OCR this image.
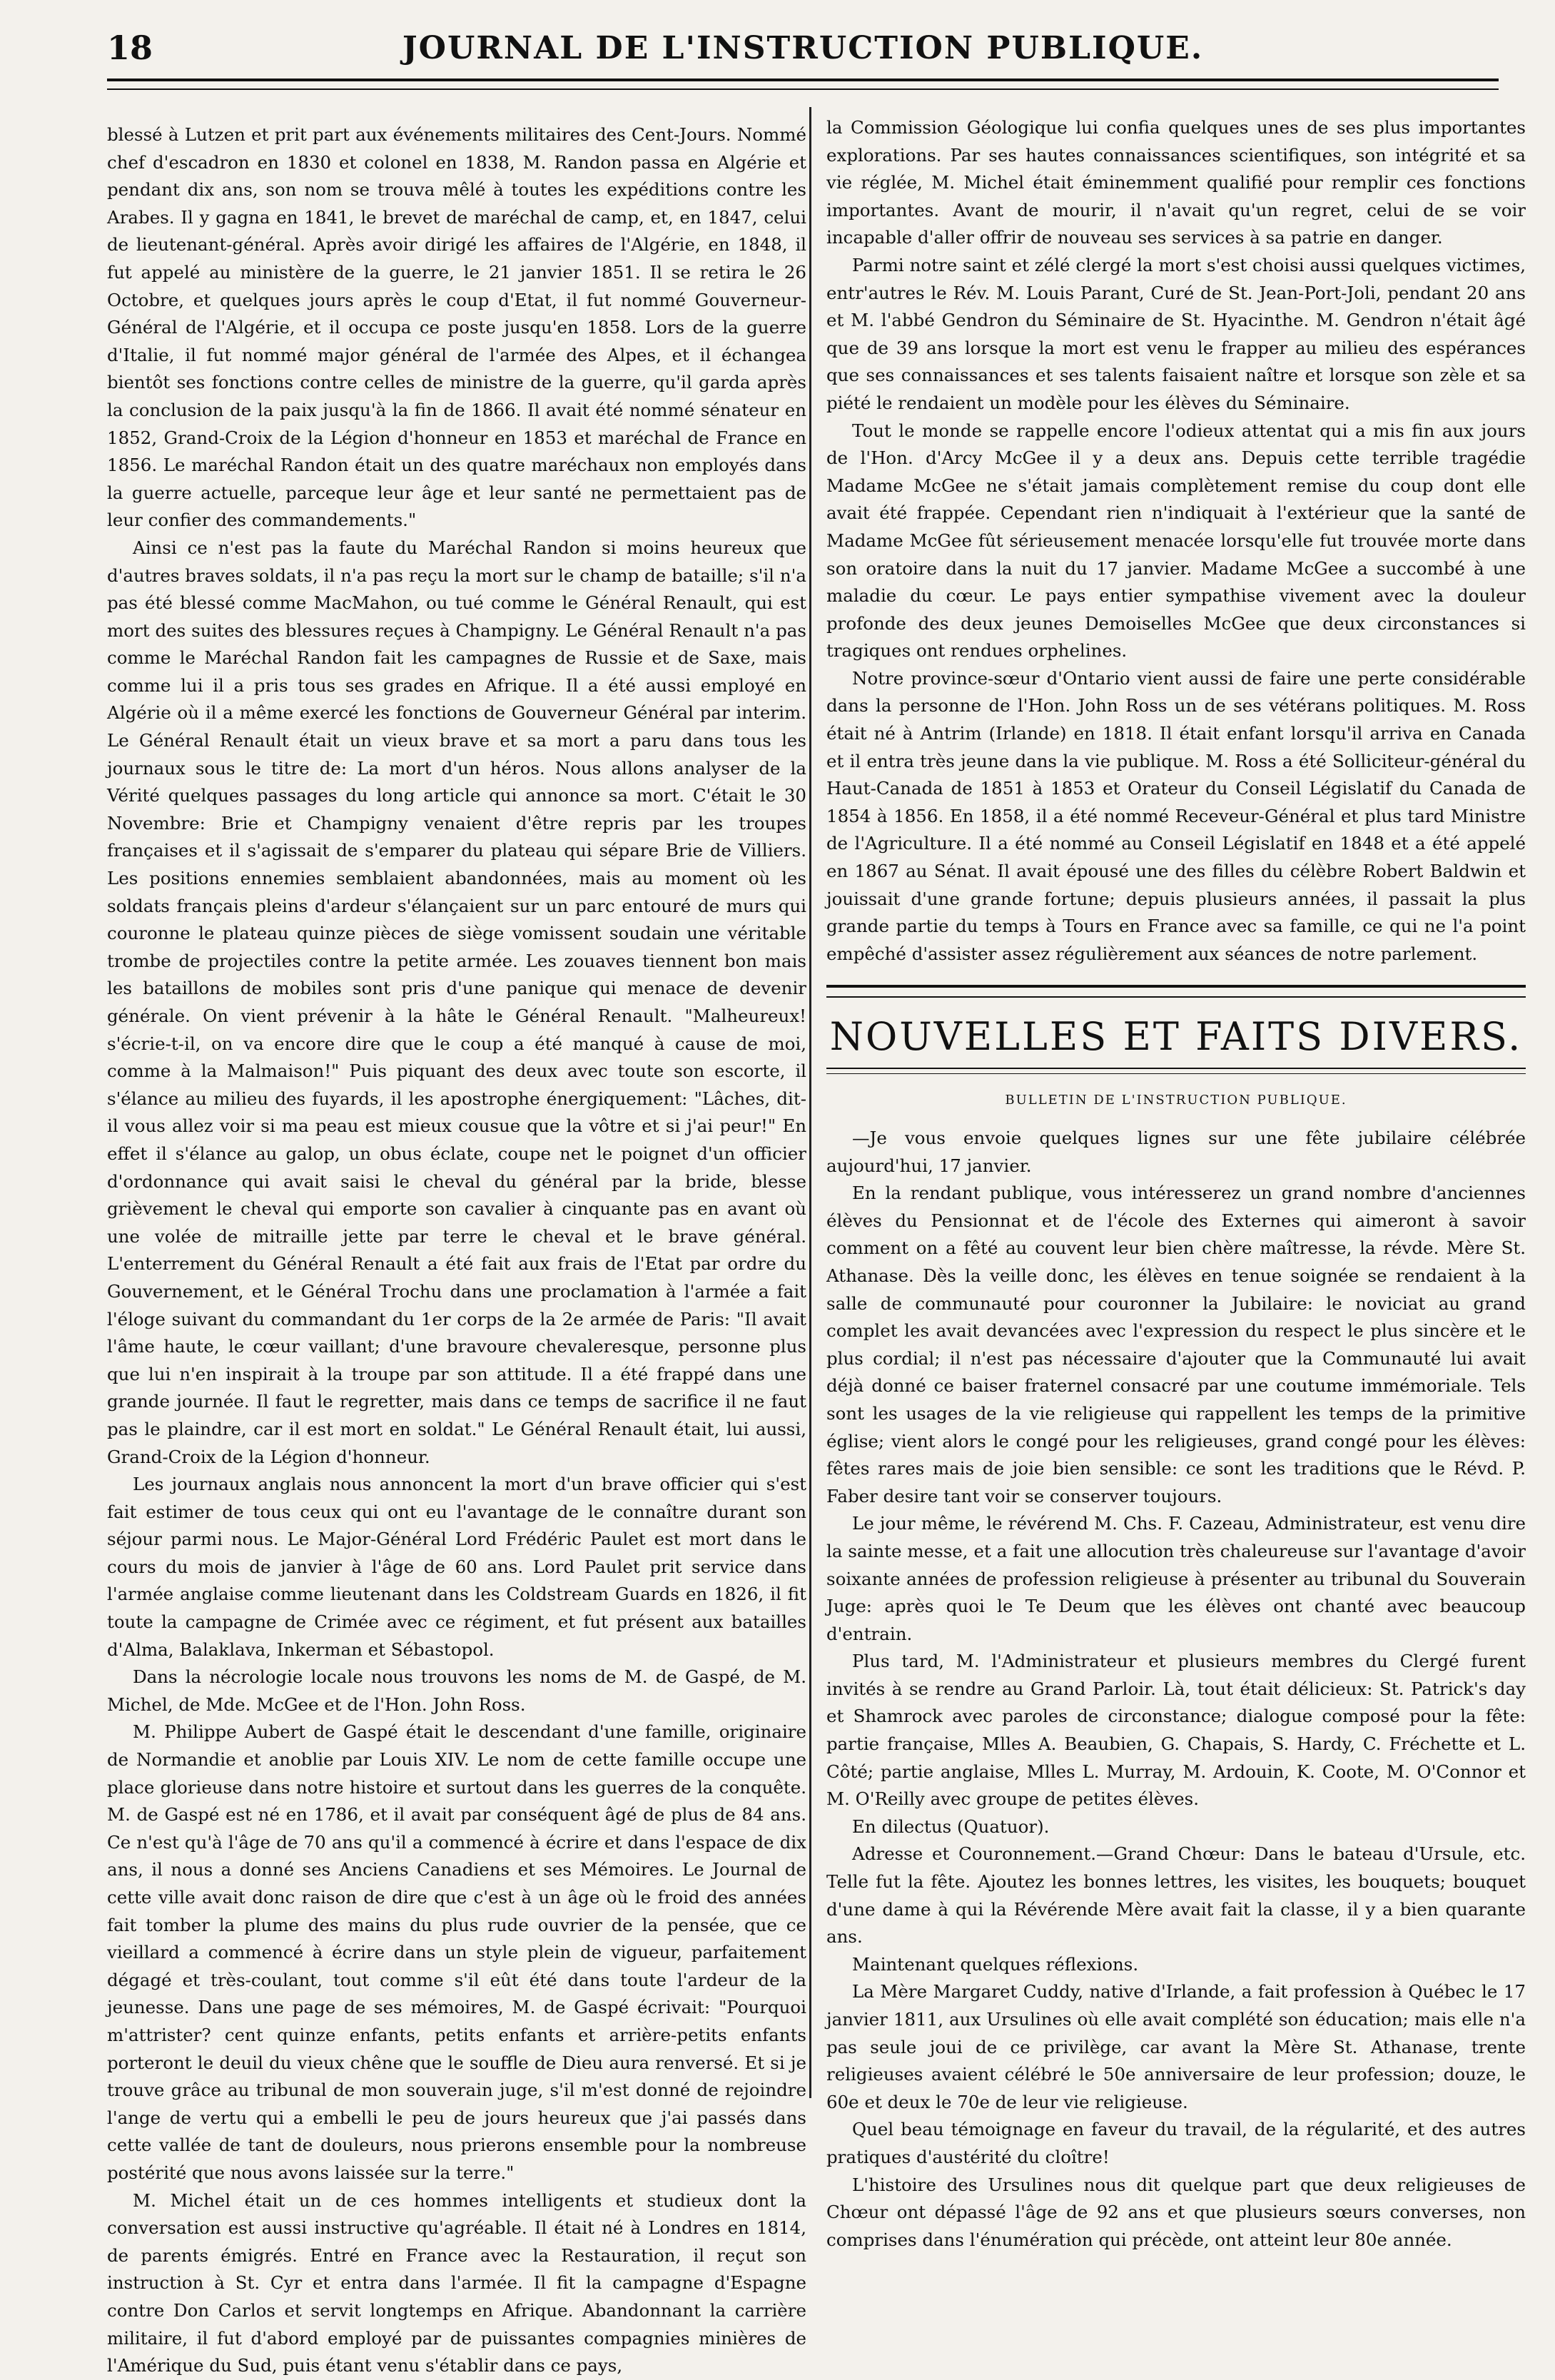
18	JOURNAL DE L'INSTRUCTION PUBLIQUE.

blessé à Lutzen et prit part aux événements militaires des Cent-Jours. Nommé chef d'escadron en 1830 et colonel en 1838, M. Randon passa en Algérie et pendant dix ans, son nom se trouva mêlé à toutes les expéditions contre les Arabes. Il y gagna en 1841, le brevet de maréchal de camp, et, en 1847, celui de lieutenant-général. Après avoir dirigé les affaires de l'Algérie, en 1848, il fut appelé au ministère de la guerre, le 21 janvier 1851. Il se retira le 26 Octobre, et quelques jours après le coup d'Etat, il fut nommé Gouverneur-Général de l'Algérie, et il occupa ce poste jusqu'en 1858. Lors de la guerre d'Italie, il fut nommé major général de l'armée des Alpes, et il échangea bientôt ses fonctions contre celles de ministre de la guerre, qu'il garda après la conclusion de la paix jusqu'à la fin de 1866. Il avait été nommé sénateur en 1852, Grand-Croix de la Légion d'honneur en 1853 et maréchal de France en 1856. Le maréchal Randon était un des quatre maréchaux non employés dans la guerre actuelle, parceque leur âge et leur santé ne permettaient pas de leur confier des commandements."

Ainsi ce n'est pas la faute du Maréchal Randon si moins heureux que d'autres braves soldats, il n'a pas reçu la mort sur le champ de bataille; s'il n'a pas été blessé comme MacMahon, ou tué comme le Général Renault, qui est mort des suites des blessures reçues à Champigny. Le Général Renault n'a pas comme le Maréchal Randon fait les campagnes de Russie et de Saxe, mais comme lui il a pris tous ses grades en Afrique. Il a été aussi employé en Algérie où il a même exercé les fonctions de Gouverneur Général par interim. Le Général Renault était un vieux brave et sa mort a paru dans tous les journaux sous le titre de: La mort d'un héros. Nous allons analyser de la Vérité quelques passages du long article qui annonce sa mort. C'était le 30 Novembre: Brie et Champigny venaient d'être repris par les troupes françaises et il s'agissait de s'emparer du plateau qui sépare Brie de Villiers. Les positions ennemies semblaient abandonnées, mais au moment où les soldats français pleins d'ardeur s'élançaient sur un parc entouré de murs qui couronne le plateau quinze pièces de siège vomissent soudain une véritable trombe de projectiles contre la petite armée. Les zouaves tiennent bon mais les bataillons de mobiles sont pris d'une panique qui menace de devenir générale. On vient prévenir à la hâte le Général Renault. "Malheureux! s'écrie-t-il, on va encore dire que le coup a été manqué à cause de moi, comme à la Malmaison!" Puis piquant des deux avec toute son escorte, il s'élance au milieu des fuyards, il les apostrophe énergiquement: "Lâches, dit-il vous allez voir si ma peau est mieux cousue que la vôtre et si j'ai peur!" En effet il s'élance au galop, un obus éclate, coupe net le poignet d'un officier d'ordonnance qui avait saisi le cheval du général par la bride, blesse grièvement le cheval qui emporte son cavalier à cinquante pas en avant où une volée de mitraille jette par terre le cheval et le brave général. L'enterrement du Général Renault a été fait aux frais de l'Etat par ordre du Gouvernement, et le Général Trochu dans une proclamation à l'armée a fait l'éloge suivant du commandant du 1er corps de la 2e armée de Paris: "Il avait l'âme haute, le cœur vaillant; d'une bravoure chevaleresque, personne plus que lui n'en inspirait à la troupe par son attitude. Il a été frappé dans une grande journée. Il faut le regretter, mais dans ce temps de sacrifice il ne faut pas le plaindre, car il est mort en soldat." Le Général Renault était, lui aussi, Grand-Croix de la Légion d'honneur.

Les journaux anglais nous annoncent la mort d'un brave officier qui s'est fait estimer de tous ceux qui ont eu l'avantage de le connaître durant son séjour parmi nous. Le Major-Général Lord Frédéric Paulet est mort dans le cours du mois de janvier à l'âge de 60 ans. Lord Paulet prit service dans l'armée anglaise comme lieutenant dans les Coldstream Guards en 1826, il fit toute la campagne de Crimée avec ce régiment, et fut présent aux batailles d'Alma, Balaklava, Inkerman et Sébastopol.

Dans la nécrologie locale nous trouvons les noms de M. de Gaspé, de M. Michel, de Mde. McGee et de l'Hon. John Ross.

M. Philippe Aubert de Gaspé était le descendant d'une famille, originaire de Normandie et anoblie par Louis XIV. Le nom de cette famille occupe une place glorieuse dans notre histoire et surtout dans les guerres de la conquête. M. de Gaspé est né en 1786, et il avait par conséquent âgé de plus de 84 ans. Ce n'est qu'à l'âge de 70 ans qu'il a commencé à écrire et dans l'espace de dix ans, il nous a donné ses Anciens Canadiens et ses Mémoires. Le Journal de cette ville avait donc raison de dire que c'est à un âge où le froid des années fait tomber la plume des mains du plus rude ouvrier de la pensée, que ce vieillard a commencé à écrire dans un style plein de vigueur, parfaitement dégagé et très-coulant, tout comme s'il eût été dans toute l'ardeur de la jeunesse. Dans une page de ses mémoires, M. de Gaspé écrivait: "Pourquoi m'attrister? cent quinze enfants, petits enfants et arrière-petits enfants porteront le deuil du vieux chêne que le souffle de Dieu aura renversé. Et si je trouve grâce au tribunal de mon souverain juge, s'il m'est donné de rejoindre l'ange de vertu qui a embelli le peu de jours heureux que j'ai passés dans cette vallée de tant de douleurs, nous prierons ensemble pour la nombreuse postérité que nous avons laissée sur la terre."

M. Michel était un de ces hommes intelligents et studieux dont la conversation est aussi instructive qu'agréable. Il était né à Londres en 1814, de parents émigrés. Entré en France avec la Restauration, il reçut son instruction à St. Cyr et entra dans l'armée. Il fit la campagne d'Espagne contre Don Carlos et servit longtemps en Afrique. Abandonnant la carrière militaire, il fut d'abord employé par de puissantes compagnies minières de l'Amérique du Sud, puis étant venu s'établir dans ce pays,

la Commission Géologique lui confia quelques unes de ses plus importantes explorations. Par ses hautes connaissances scientifiques, son intégrité et sa vie réglée, M. Michel était éminemment qualifié pour remplir ces fonctions importantes. Avant de mourir, il n'avait qu'un regret, celui de se voir incapable d'aller offrir de nouveau ses services à sa patrie en danger.

Parmi notre saint et zélé clergé la mort s'est choisi aussi quelques victimes, entr'autres le Rév. M. Louis Parant, Curé de St. Jean-Port-Joli, pendant 20 ans et M. l'abbé Gendron du Séminaire de St. Hyacinthe. M. Gendron n'était âgé que de 39 ans lorsque la mort est venu le frapper au milieu des espérances que ses connaissances et ses talents faisaient naître et lorsque son zèle et sa piété le rendaient un modèle pour les élèves du Séminaire.

Tout le monde se rappelle encore l'odieux attentat qui a mis fin aux jours de l'Hon. d'Arcy McGee il y a deux ans. Depuis cette terrible tragédie Madame McGee ne s'était jamais complètement remise du coup dont elle avait été frappée. Cependant rien n'indiquait à l'extérieur que la santé de Madame McGee fût sérieusement menacée lorsqu'elle fut trouvée morte dans son oratoire dans la nuit du 17 janvier. Madame McGee a succombé à une maladie du cœur. Le pays entier sympathise vivement avec la douleur profonde des deux jeunes Demoiselles McGee que deux circonstances si tragiques ont rendues orphelines.

Notre province-sœur d'Ontario vient aussi de faire une perte considérable dans la personne de l'Hon. John Ross un de ses vétérans politiques. M. Ross était né à Antrim (Irlande) en 1818. Il était enfant lorsqu'il arriva en Canada et il entra très jeune dans la vie publique. M. Ross a été Solliciteur-général du Haut-Canada de 1851 à 1853 et Orateur du Conseil Législatif du Canada de 1854 à 1856. En 1858, il a été nommé Receveur-Général et plus tard Ministre de l'Agriculture. Il a été nommé au Conseil Législatif en 1848 et a été appelé en 1867 au Sénat. Il avait épousé une des filles du célèbre Robert Baldwin et jouissait d'une grande fortune; depuis plusieurs années, il passait la plus grande partie du temps à Tours en France avec sa famille, ce qui ne l'a point empêché d'assister assez régulièrement aux séances de notre parlement.

NOUVELLES ET FAITS DIVERS.
BULLETIN DE L'INSTRUCTION PUBLIQUE.

—Je vous envoie quelques lignes sur une fête jubilaire célébrée aujourd'hui, 17 janvier.

En la rendant publique, vous intéresserez un grand nombre d'anciennes élèves du Pensionnat et de l'école des Externes qui aimeront à savoir comment on a fêté au couvent leur bien chère maîtresse, la révde. Mère St. Athanase. Dès la veille donc, les élèves en tenue soignée se rendaient à la salle de communauté pour couronner la Jubilaire: le noviciat au grand complet les avait devancées avec l'expression du respect le plus sincère et le plus cordial; il n'est pas nécessaire d'ajouter que la Communauté lui avait déjà donné ce baiser fraternel consacré par une coutume immémoriale. Tels sont les usages de la vie religieuse qui rappellent les temps de la primitive église; vient alors le congé pour les religieuses, grand congé pour les élèves: fêtes rares mais de joie bien sensible: ce sont les traditions que le Révd. P. Faber desire tant voir se conserver toujours.

Le jour même, le révérend M. Chs. F. Cazeau, Administrateur, est venu dire la sainte messe, et a fait une allocution très chaleureuse sur l'avantage d'avoir soixante années de profession religieuse à présenter au tribunal du Souverain Juge: après quoi le Te Deum que les élèves ont chanté avec beaucoup d'entrain.

Plus tard, M. l'Administrateur et plusieurs membres du Clergé furent invités à se rendre au Grand Parloir. Là, tout était délicieux: St. Patrick's day et Shamrock avec paroles de circonstance; dialogue composé pour la fête: partie française, Mlles A. Beaubien, G. Chapais, S. Hardy, C. Fréchette et L. Côté; partie anglaise, Mlles L. Murray, M. Ardouin, K. Coote, M. O'Connor et M. O'Reilly avec groupe de petites élèves.

En dilectus (Quatuor).

Adresse et Couronnement.—Grand Chœur: Dans le bateau d'Ursule, etc. Telle fut la fête. Ajoutez les bonnes lettres, les visites, les bouquets; bouquet d'une dame à qui la Révérende Mère avait fait la classe, il y a bien quarante ans.

Maintenant quelques réflexions.

La Mère Margaret Cuddy, native d'Irlande, a fait profession à Québec le 17 janvier 1811, aux Ursulines où elle avait complété son éducation; mais elle n'a pas seule joui de ce privilège, car avant la Mère St. Athanase, trente religieuses avaient célébré le 50e anniversaire de leur profession; douze, le 60e et deux le 70e de leur vie religieuse.

Quel beau témoignage en faveur du travail, de la régularité, et des autres pratiques d'austérité du cloître!

L'histoire des Ursulines nous dit quelque part que deux religieuses de Chœur ont dépassé l'âge de 92 ans et que plusieurs sœurs converses, non comprises dans l'énumération qui précède, ont atteint leur 80e année.
